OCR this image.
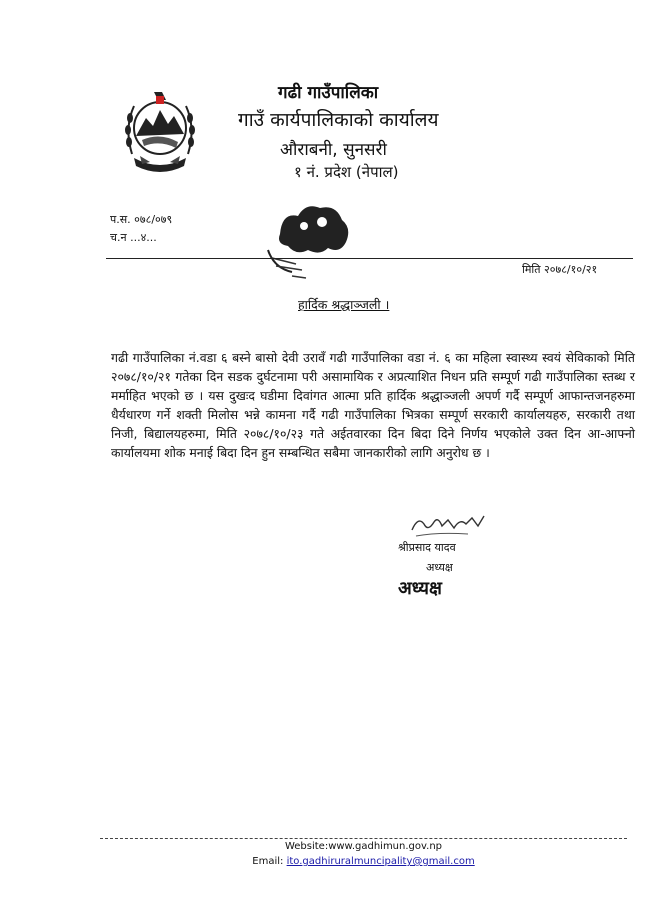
गढी गाउँपालिका
गाउँ कार्यपालिकाको कार्यालय
औराबनी, सुनसरी
१ नं. प्रदेश (नेपाल)
प.स. ०७८/०७९
च.न ...४...
मिति २०७८/१०/२१
हार्दिक श्रद्धाञ्जली ।
गढी गाउँपालिका नं.वडा ६ बस्ने बासो देवी उरावँ गढी गाउँपालिका वडा नं. ६ का महिला स्वास्थ्य स्वयं सेविकाको मिति २०७८/१०/२१ गतेका दिन सडक दुर्घटनामा परी असामायिक र अप्रत्याशित निधन प्रति सम्पूर्ण गढी गाउँपालिका स्तब्ध र मर्माहित भएको छ । यस दुखःद घडीमा दिवांगत आत्मा प्रति हार्दिक श्रद्धाञ्जली अपर्ण गर्दै सम्पूर्ण आफान्तजनहरुमा धैर्यधारण गर्ने शक्ती मिलोस भन्ने कामना गर्दै गढी गाउँपालिका भित्रका सम्पूर्ण सरकारी कार्यालयहरु, सरकारी तथा निजी, बिद्यालयहरुमा, मिति २०७८/१०/२३ गते अईतवारका दिन बिदा दिने निर्णय भएकोले उक्त दिन आ-आफ्नो कार्यालयमा शोक मनाई बिदा दिन हुन सम्बन्धित सबैमा जानकारीको लागि अनुरोध छ ।
श्रीप्रसाद यादव
अध्यक्ष
अध्यक्ष
Website:www.gadhimun.gov.np
Email: ito.gadhiruralmuncipality@gmail.com
